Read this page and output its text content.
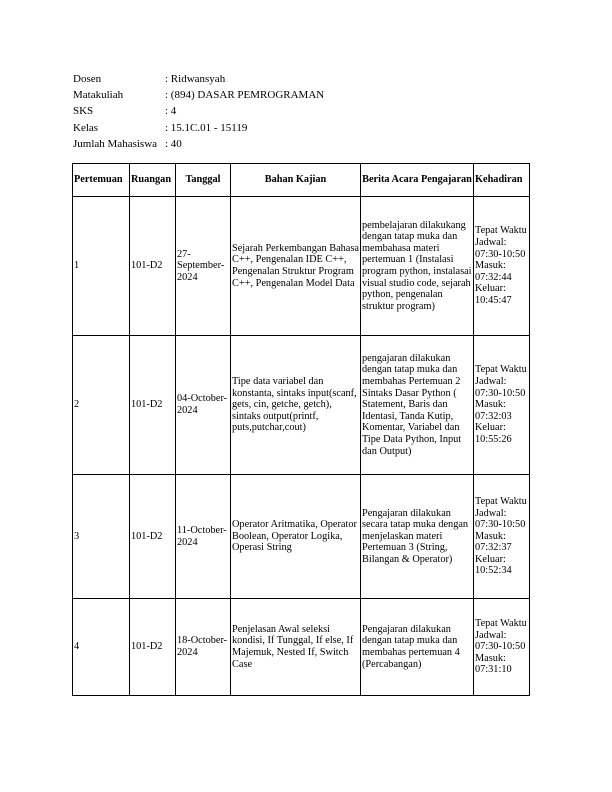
Dosen	: Ridwansyah
Matakuliah	: (894) DASAR PEMROGRAMAN
SKS	: 4
Kelas	: 15.1C.01 - 15119
Jumlah Mahasiswa : 40
Pertemuan	Ruangan	Tanggal	Bahan Kajian	Berita Acara Pengajaran	Kehadiran
1	101-D2	27-September-2024	Sejarah Perkembangan Bahasa C++, Pengenalan IDE C++, Pengenalan Struktur Program C++, Pengenalan Model Data	pembelajaran dilakukang dengan tatap muka dan membahasa materi pertemuan 1 (Instalasi program python, instalasai visual studio code, sejarah python, pengenalan struktur program)	Tepat Waktu Jadwal: 07:30-10:50 Masuk: 07:32:44 Keluar: 10:45:47
2	101-D2	04-October-2024	Tipe data variabel dan konstanta, sintaks input(scanf, gets, cin, getche, getch), sintaks output(printf, puts,putchar,cout)	pengajaran dilakukan dengan tatap muka dan membahas Pertemuan 2 Sintaks Dasar Python ( Statement, Baris dan Identasi, Tanda Kutip, Komentar, Variabel dan Tipe Data Python, Input dan Output)	Tepat Waktu Jadwal: 07:30-10:50 Masuk: 07:32:03 Keluar: 10:55:26
3	101-D2	11-October-2024	Operator Aritmatika, Operator Boolean, Operator Logika, Operasi String	Pengajaran dilakukan secara tatap muka dengan menjelaskan materi Pertemuan 3 (String, Bilangan & Operator)	Tepat Waktu Jadwal: 07:30-10:50 Masuk: 07:32:37 Keluar: 10:52:34
4	101-D2	18-October-2024	Penjelasan Awal seleksi kondisi, If Tunggal, If else, If Majemuk, Nested If, Switch Case	Pengajaran dilakukan dengan tatap muka dan membahas pertemuan 4 (Percabangan)	Tepat Waktu Jadwal: 07:30-10:50 Masuk: 07:31:10
